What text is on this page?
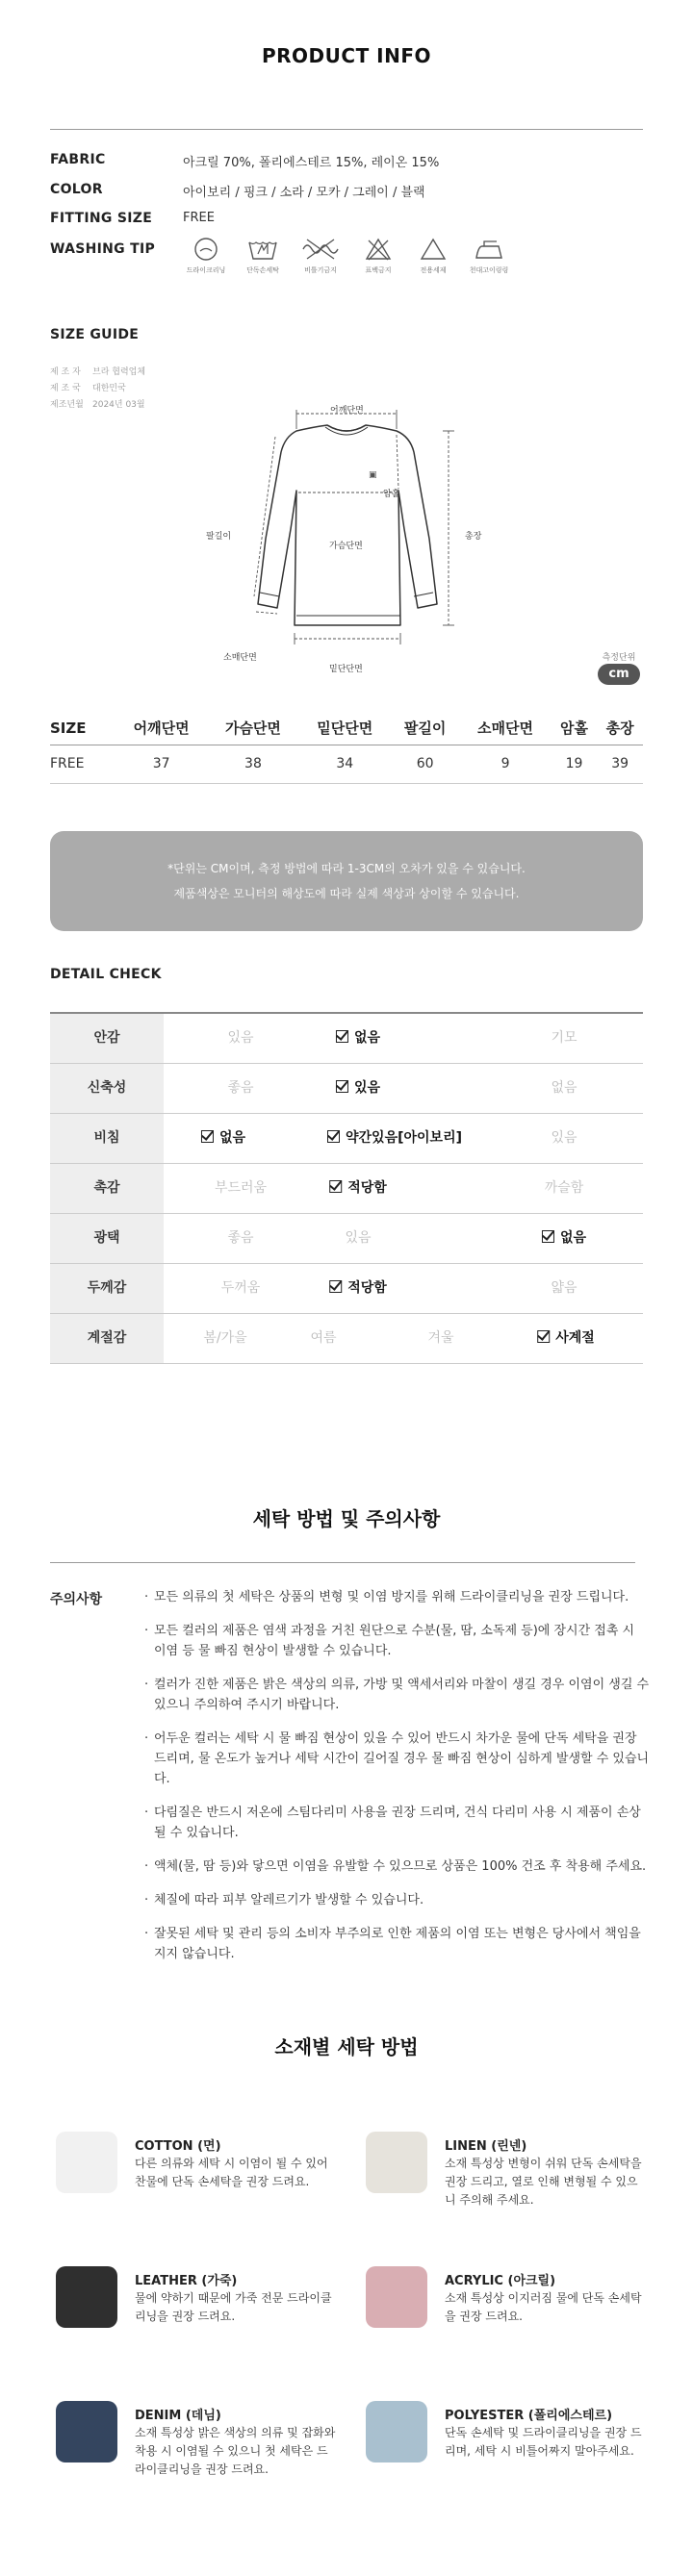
PRODUCT INFO
FABRIC	아크릴 70%, 폴리에스테르 15%, 레이온 15%
COLOR	아이보리 / 핑크 / 소라 / 모카 / 그레이 / 블랙
FITTING SIZE FREE
WASHING TIP
드라이크리닝	단독손세탁	비틀기금지	표백금지	전용세제	천대고이링링
SIZE GUIDE
제 조 자 브라 협력업체
제 조 국 대한민국
제조년월 2024년 03월
▣
어깨단면
암홀
가슴단면
팔길이	총장
소매단면
밑단단면
측정단위
cm
SIZE	어깨단면	가슴단면	밑단단면	팔길이	소매단면	암홀	총장
FREE	37	38	34	60	9	19	39
*단위는 CM이며, 측정 방법에 따라 1-3CM의 오차가 있을 수 있습니다.
제품색상은 모니터의 해상도에 따라 실제 색상과 상이할 수 있습니다.
DETAIL CHECK
안감	있음	없음	기모
신축성	좋음	있음	없음
비침	없음	약간있음[아이보리]	있음
촉감	부드러움	적당함	까슬함
광택	좋음	있음	없음
두께감	두꺼움	적당함	얇음
계절감	봄/가을	여름	겨울	사계절
세탁 방법 및 주의사항
주의사항	· 모든 의류의 첫 세탁은 상품의 변형 및 이염 방지를 위해 드라이클리닝을 권장 드립니다.
· 모든 컬러의 제품은 염색 과정을 거친 원단으로 수분(물, 땀, 소독제 등)에 장시간 접촉 시 이염 등 물 빠짐 현상이 발생할 수 있습니다.
· 컬러가 진한 제품은 밝은 색상의 의류, 가방 및 액세서리와 마찰이 생길 경우 이염이 생길 수 있으니 주의하여 주시기 바랍니다.
· 어두운 컬러는 세탁 시 물 빠짐 현상이 있을 수 있어 반드시 차가운 물에 단독 세탁을 권장 드리며, 물 온도가 높거나 세탁 시간이 길어질 경우 물 빠짐 현상이 심하게 발생할 수 있습니다.
· 다림질은 반드시 저온에 스팀다리미 사용을 권장 드리며, 건식 다리미 사용 시 제품이 손상될 수 있습니다.
· 액체(물, 땀 등)와 닿으면 이염을 유발할 수 있으므로 상품은 100% 건조 후 착용해 주세요.
· 체질에 따라 피부 알레르기가 발생할 수 있습니다.
· 잘못된 세탁 및 관리 등의 소비자 부주의로 인한 제품의 이염 또는 변형은 당사에서 책임을 지지 않습니다.
소재별 세탁 방법
COTTON (면)
다른 의류와 세탁 시 이염이 될 수 있어 찬물에 단독 손세탁을 권장 드려요.
LINEN (린넨)
소재 특성상 변형이 쉬워 단독 손세탁을 권장 드리고, 열로 인해 변형될 수 있으니 주의해 주세요.
LEATHER (가죽)
물에 약하기 때문에 가죽 전문 드라이클리닝을 권장 드려요.
ACRYLIC (아크릴)
소재 특성상 이지러짐 물에 단독 손세탁을 권장 드려요.
DENIM (데님)
소재 특성상 밝은 색상의 의류 및 잡화와 착용 시 이염될 수 있으니 첫 세탁은 드라이클리닝을 권장 드려요.
POLYESTER (폴리에스테르)
단독 손세탁 및 드라이클리닝을 권장 드리며, 세탁 시 비틀어짜지 말아주세요.
